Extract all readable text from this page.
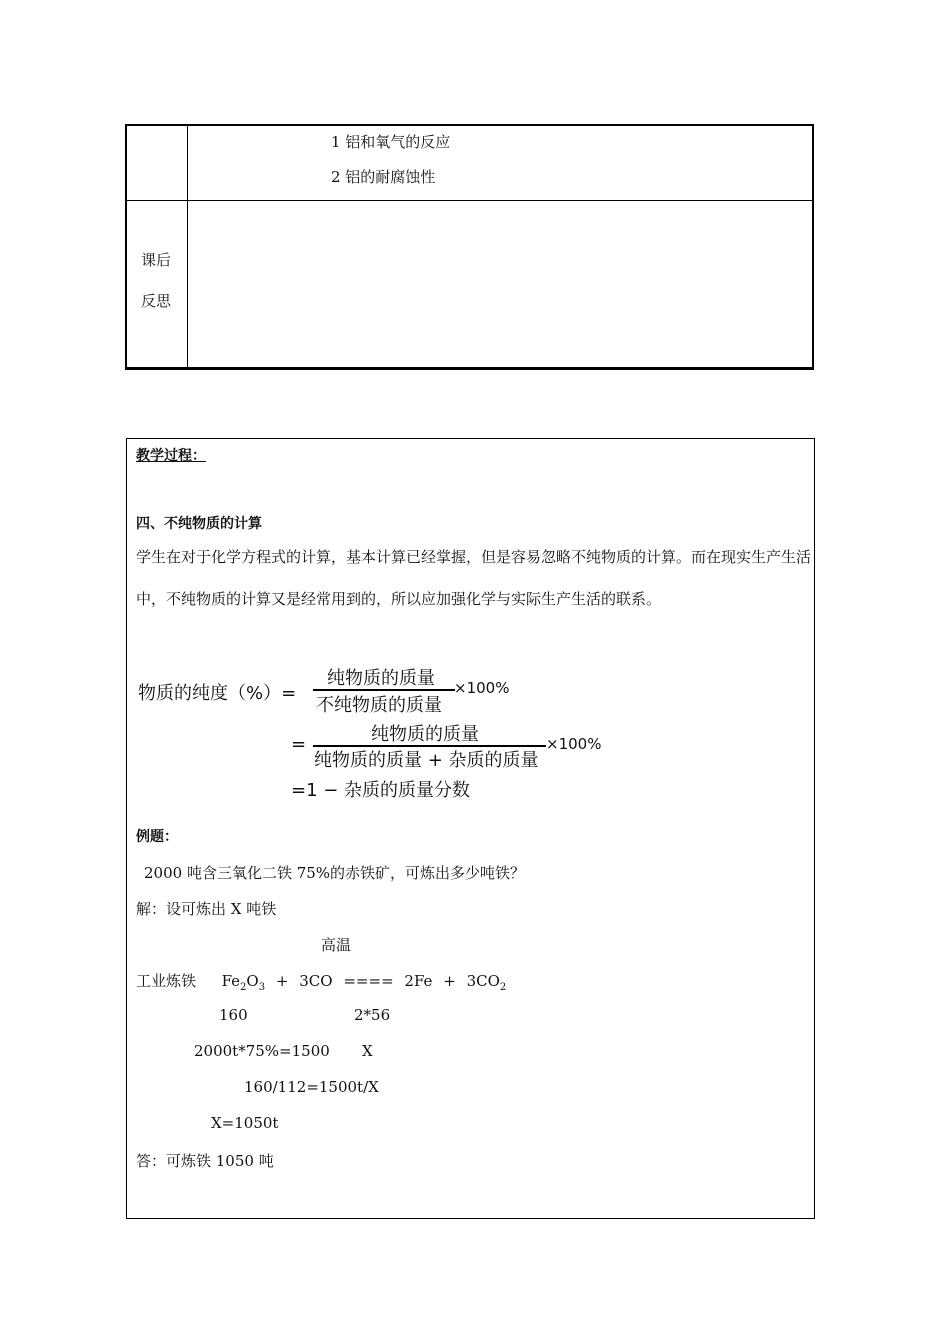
1 铝和氧气的反应
2 铝的耐腐蚀性
课后
反思
教学过程：
四、不纯物质的计算
学生在对于化学方程式的计算，基本计算已经掌握，但是容易忽略不纯物质的计算。而在现实生产生活中，不纯物质的计算又是经常用到的，所以应加强化学与实际生产生活的联系。
物质的纯度（%）=
纯物质的质量
不纯物质的质量
×100%
=	纯物质的质量
纯物质的质量 + 杂质的质量
×100%
=1 − 杂质的质量分数
例题：
2000 吨含三氧化二铁 75%的赤铁矿，可炼出多少吨铁？
解：设可炼出 X 吨铁
高温
工业炼铁 $Fe_2O_3 + 3CO$ ==== $2Fe + 3CO_2$
160	2*56
2000t*75%=1500 X
160/112=1500t/X
X=1050t
答：可炼铁 1050 吨
